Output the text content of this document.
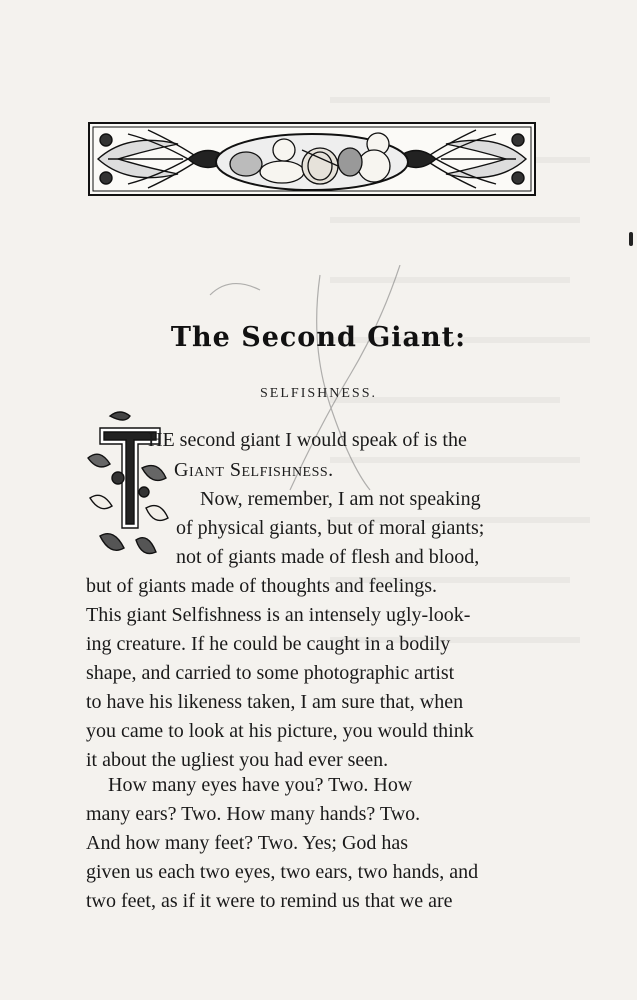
The Second Giant:
SELFISHNESS.
HE second giant I would speak of is the
Giant Selfishness.
Now, remember, I am not speaking
of physical giants, but of moral giants;
not of giants made of flesh and blood,
but of giants made of thoughts and feelings.
This giant Selfishness is an intensely ugly-look-
ing creature. If he could be caught in a bodily
shape, and carried to some photographic artist
to have his likeness taken, I am sure that, when
you came to look at his picture, you would think
it about the ugliest you had ever seen.
How many eyes have you? Two. How
many ears? Two. How many hands? Two.
And how many feet? Two. Yes; God has
given us each two eyes, two ears, two hands, and
two feet, as if it were to remind us that we are
